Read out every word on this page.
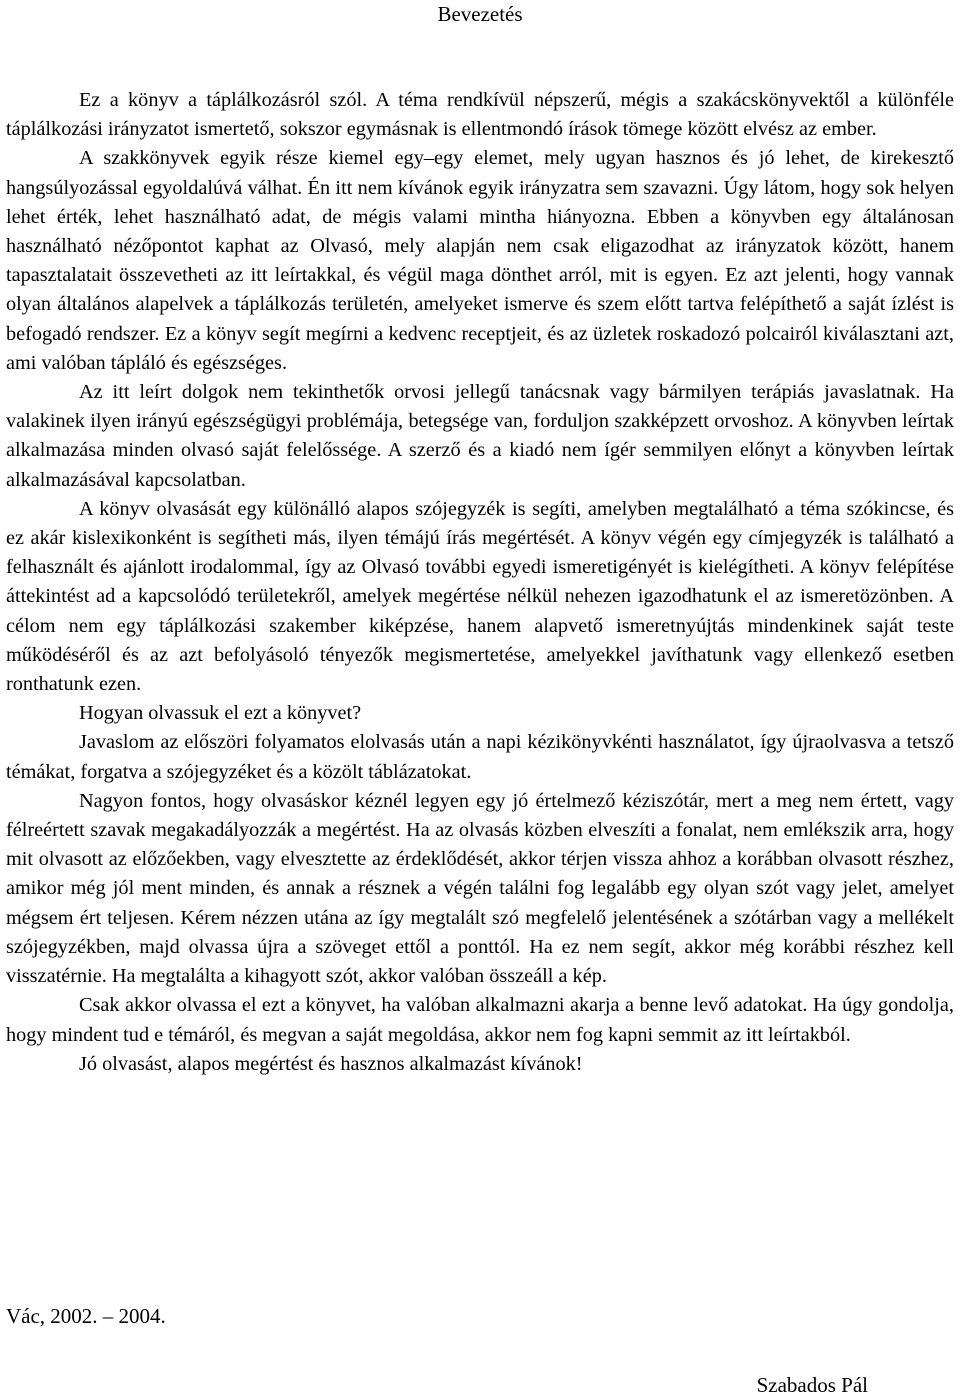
Bevezetés

Ez a könyv a táplálkozásról szól. A téma rendkívül népszerű, mégis a szakácskönyvektől a különféle táplálkozási irányzatot ismertető, sokszor egymásnak is ellentmondó írások tömege között elvész az ember.

A szakkönyvek egyik része kiemel egy–egy elemet, mely ugyan hasznos és jó lehet, de kirekesztő hangsúlyozással egyoldalúvá válhat. Én itt nem kívánok egyik irányzatra sem szavazni. Úgy látom, hogy sok helyen lehet érték, lehet használható adat, de mégis valami mintha hiányozna. Ebben a könyvben egy általánosan használható nézőpontot kaphat az Olvasó, mely alapján nem csak eligazodhat az irányzatok között, hanem tapasztalatait összevetheti az itt leírtakkal, és végül maga dönthet arról, mit is egyen. Ez azt jelenti, hogy vannak olyan általános alapelvek a táplálkozás területén, amelyeket ismerve és szem előtt tartva felépíthető a saját ízlést is befogadó rendszer. Ez a könyv segít megírni a kedvenc receptjeit, és az üzletek roskadozó polcairól kiválasztani azt, ami valóban tápláló és egészséges.

Az itt leírt dolgok nem tekinthetők orvosi jellegű tanácsnak vagy bármilyen terápiás javaslatnak. Ha valakinek ilyen irányú egészségügyi problémája, betegsége van, forduljon szakképzett orvoshoz. A könyvben leírtak alkalmazása minden olvasó saját felelőssége. A szerző és a kiadó nem ígér semmilyen előnyt a könyvben leírtak alkalmazásával kapcsolatban.

A könyv olvasását egy különálló alapos szójegyzék is segíti, amelyben megtalálható a téma szókincse, és ez akár kislexikonként is segítheti más, ilyen témájú írás megértését. A könyv végén egy címjegyzék is található a felhasznált és ajánlott irodalommal, így az Olvasó további egyedi ismeretigényét is kielégítheti. A könyv felépítése áttekintést ad a kapcsolódó területekről, amelyek megértése nélkül nehezen igazodhatunk el az ismeretözönben. A célom nem egy táplálkozási szakember kiképzése, hanem alapvető ismeretnyújtás mindenkinek saját teste működéséről és az azt befolyásoló tényezők megismertetése, amelyekkel javíthatunk vagy ellenkező esetben ronthatunk ezen.

Hogyan olvassuk el ezt a könyvet?

Javaslom az előszöri folyamatos elolvasás után a napi kézikönyvkénti használatot, így újraolvasva a tetsző témákat, forgatva a szójegyzéket és a közölt táblázatokat.

Nagyon fontos, hogy olvasáskor kéznél legyen egy jó értelmező kéziszótár, mert a meg nem értett, vagy félreértett szavak megakadályozzák a megértést. Ha az olvasás közben elveszíti a fonalat, nem emlékszik arra, hogy mit olvasott az előzőekben, vagy elvesztette az érdeklődését, akkor térjen vissza ahhoz a korábban olvasott részhez, amikor még jól ment minden, és annak a résznek a végén találni fog legalább egy olyan szót vagy jelet, amelyet mégsem ért teljesen. Kérem nézzen utána az így megtalált szó megfelelő jelentésének a szótárban vagy a mellékelt szójegyzékben, majd olvassa újra a szöveget ettől a ponttól. Ha ez nem segít, akkor még korábbi részhez kell visszatérnie. Ha megtalálta a kihagyott szót, akkor valóban összeáll a kép.

Csak akkor olvassa el ezt a könyvet, ha valóban alkalmazni akarja a benne levő adatokat. Ha úgy gondolja, hogy mindent tud e témáról, és megvan a saját megoldása, akkor nem fog kapni semmit az itt leírtakból.

Jó olvasást, alapos megértést és hasznos alkalmazást kívánok!

Vác, 2002. – 2004.

Szabados Pál
